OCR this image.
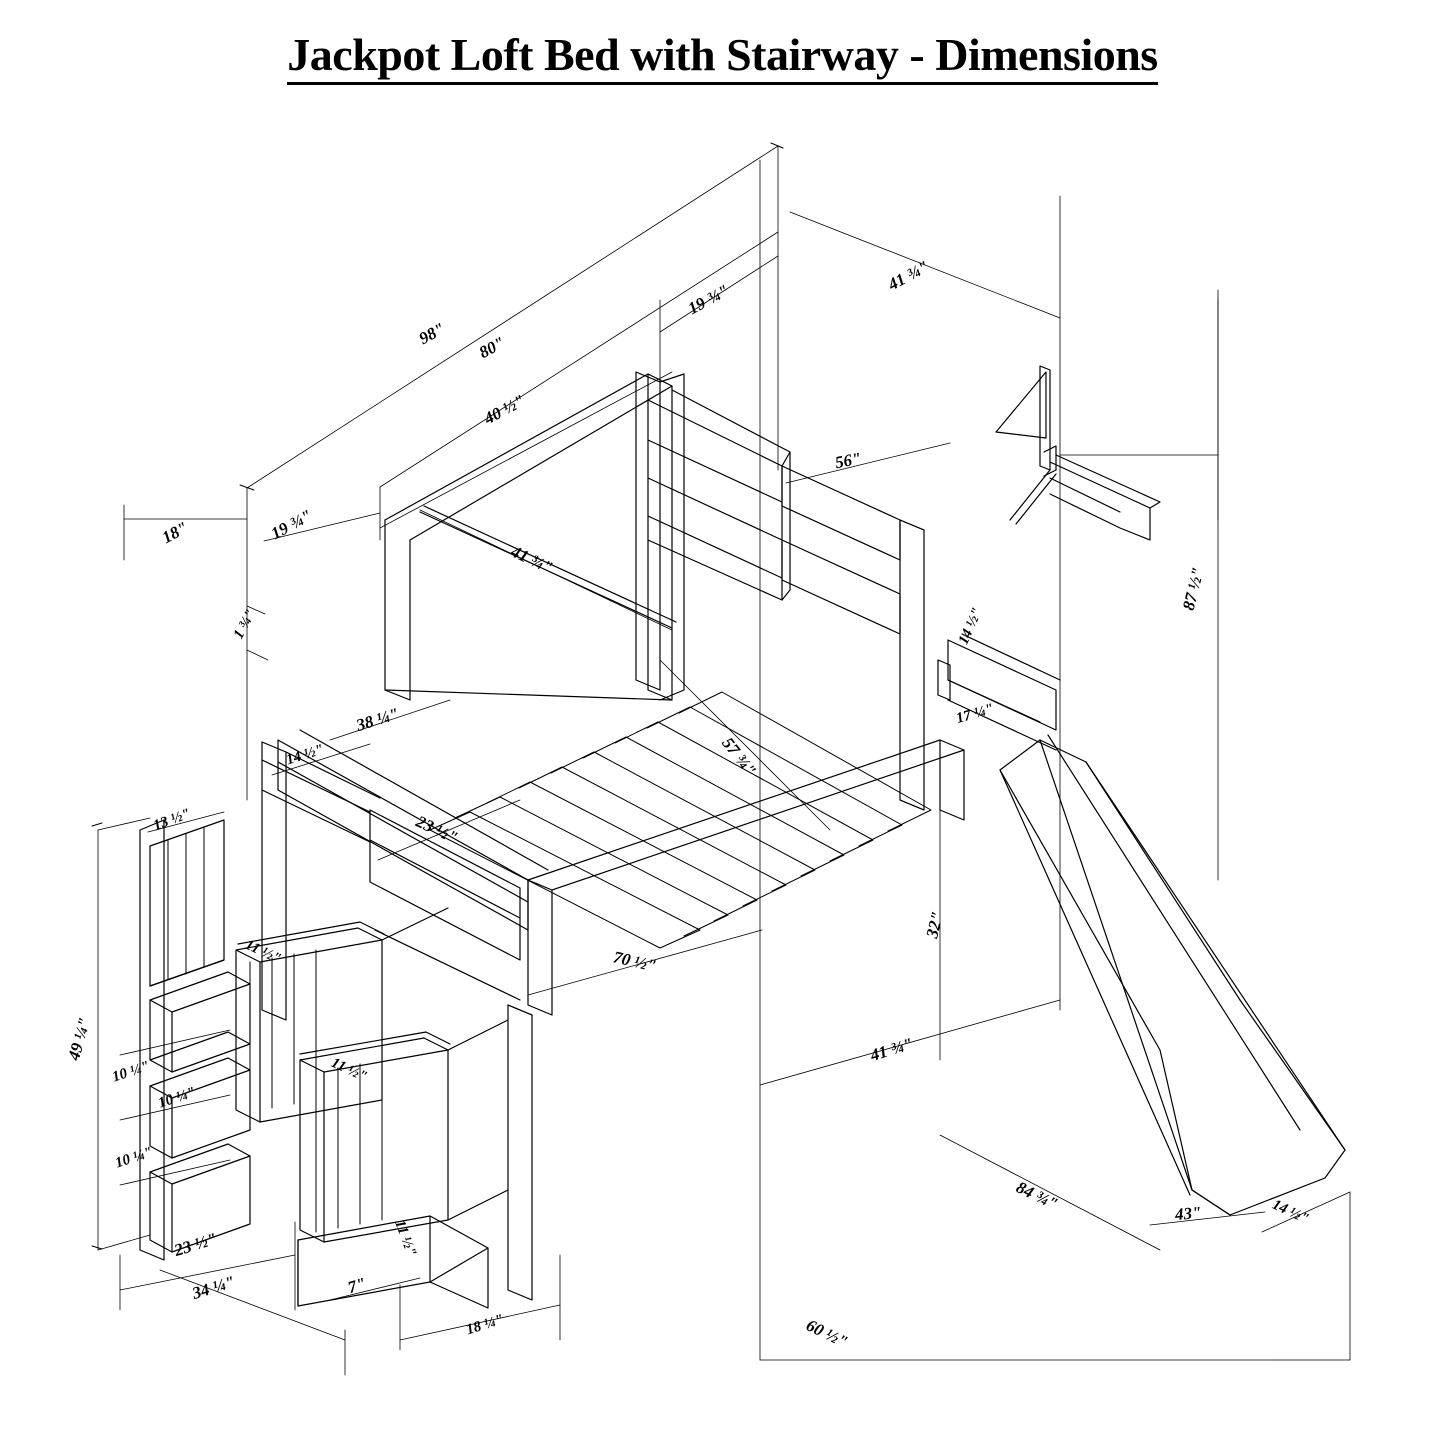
Jackpot Loft Bed with Stairway - Dimensions
98" 80"
19 ¾"
41 ¾"
40 ½"
56"
18"	19 ¾"
41 ¾"
87 ½"
1 ¾"	14 ½"
17 ¼"
38 ¼"
14 ½"	57 ¾"
13 ½"	23 ½"
32"
70 ½"
11 ½"
49 ¼"	41 ¾"
10 ¼"	11 ½"
10 ¼"
10 ¼"
84 ¾"	43"	14 ½"
11 ½"
23 ½"
7"
34 ¼"
18 ¼"	60 ½"
